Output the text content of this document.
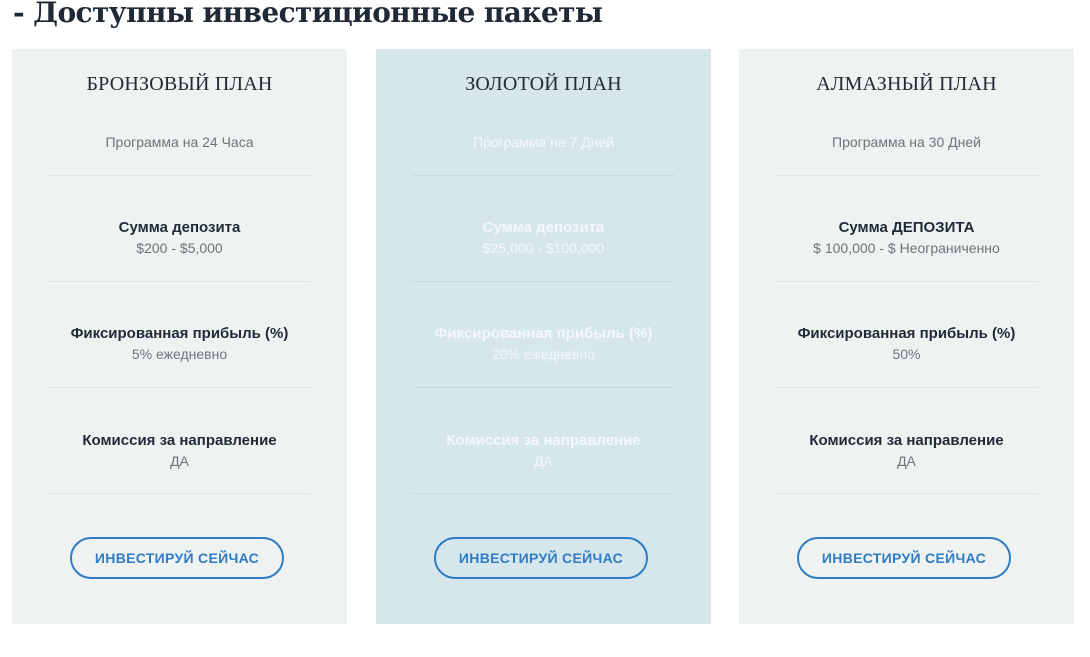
- Доступны инвестиционные пакеты
БРОНЗОВЫЙ ПЛАН
Программа на 24 Часа
Сумма депозита
$200 - $5,000
Фиксированная прибыль (%)
5% ежедневно
Комиссия за направление
ДА
ИНВЕСТИРУЙ СЕЙЧАС
ЗОЛОТОЙ ПЛАН
Программа на 7 Дней
Сумма депозита
$25,000 - $100,000
Фиксированная прибыль (%)
20% ежедневно
Комиссия за направление
ДА
ИНВЕСТИРУЙ СЕЙЧАС
АЛМАЗНЫЙ ПЛАН
Программа на 30 Дней
Сумма ДЕПОЗИТА
$ 100,000 - $ Неограниченно
Фиксированная прибыль (%)
50%
Комиссия за направление
ДА
ИНВЕСТИРУЙ СЕЙЧАС
